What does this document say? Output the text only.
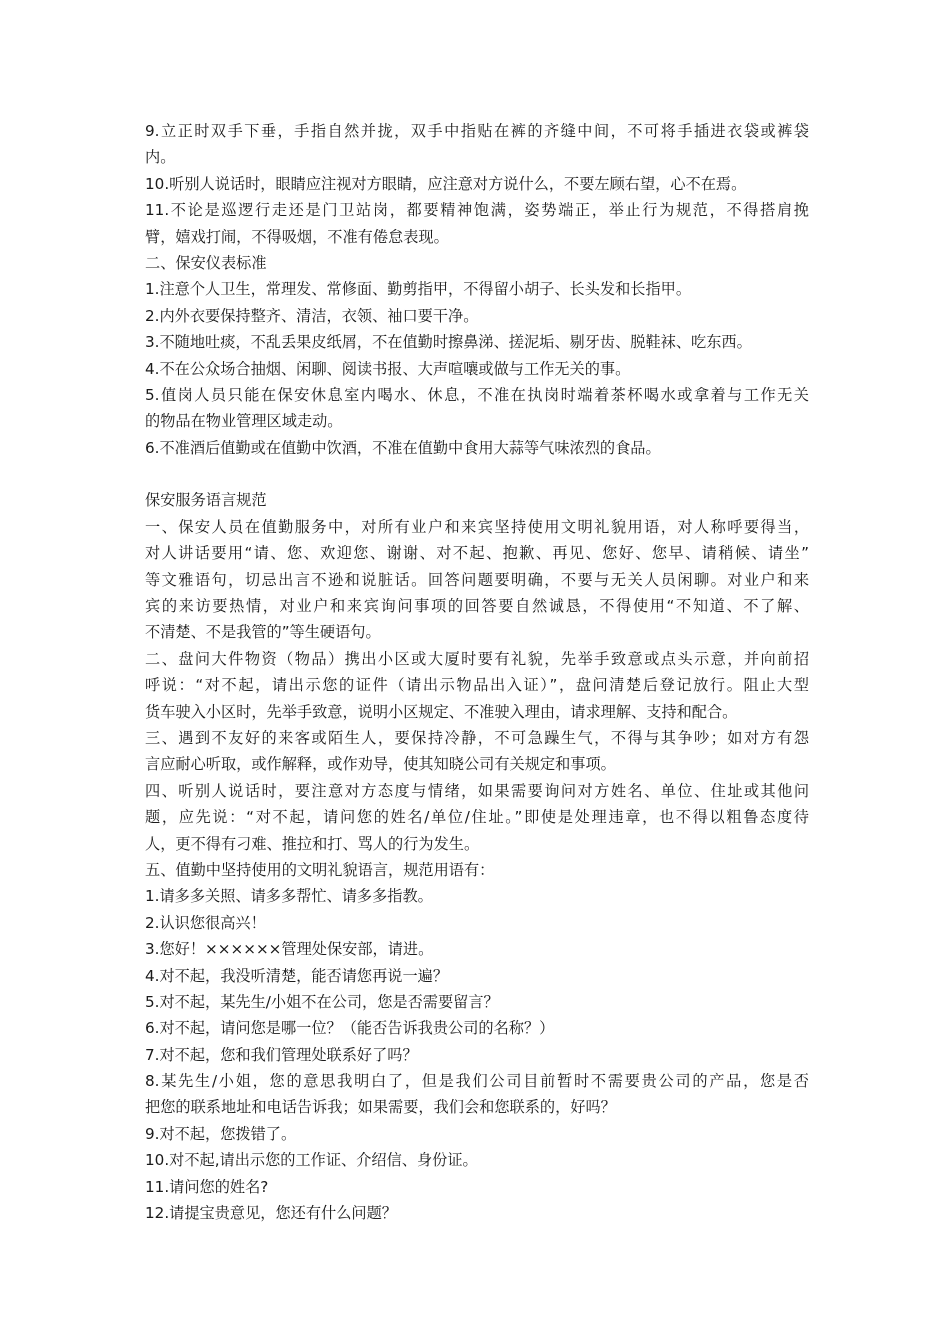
9.立正时双手下垂，手指自然并拢，双手中指贴在裤的齐缝中间，不可将手插进衣袋或裤袋
内。
10.听别人说话时，眼睛应注视对方眼睛，应注意对方说什么，不要左顾右望，心不在焉。
11.不论是巡逻行走还是门卫站岗，都要精神饱满，姿势端正，举止行为规范，不得搭肩挽
臂，嬉戏打闹，不得吸烟，不准有倦怠表现。
二、保安仪表标准
1.注意个人卫生，常理发、常修面、勤剪指甲，不得留小胡子、长头发和长指甲。
2.内外衣要保持整齐、清洁，衣领、袖口要干净。
3.不随地吐痰，不乱丢果皮纸屑，不在值勤时擦鼻涕、搓泥垢、剔牙齿、脱鞋袜、吃东西。
4.不在公众场合抽烟、闲聊、阅读书报、大声喧嚷或做与工作无关的事。
5.值岗人员只能在保安休息室内喝水、休息，不准在执岗时端着茶杯喝水或拿着与工作无关
的物品在物业管理区域走动。
6.不准酒后值勤或在值勤中饮酒，不准在值勤中食用大蒜等气味浓烈的食品。
保安服务语言规范
一、保安人员在值勤服务中，对所有业户和来宾坚持使用文明礼貌用语，对人称呼要得当，
对人讲话要用“请、您、欢迎您、谢谢、对不起、抱歉、再见、您好、您早、请稍候、请坐”
等文雅语句，切忌出言不逊和说脏话。回答问题要明确，不要与无关人员闲聊。对业户和来
宾的来访要热情，对业户和来宾询问事项的回答要自然诚恳，不得使用“不知道、不了解、
不清楚、不是我管的”等生硬语句。
二、盘问大件物资（物品）携出小区或大厦时要有礼貌，先举手致意或点头示意，并向前招
呼说：“对不起，请出示您的证件（请出示物品出入证）”，盘问清楚后登记放行。阻止大型
货车驶入小区时，先举手致意，说明小区规定、不准驶入理由，请求理解、支持和配合。
三、遇到不友好的来客或陌生人，要保持冷静，不可急躁生气，不得与其争吵；如对方有怨
言应耐心听取，或作解释，或作劝导，使其知晓公司有关规定和事项。
四、听别人说话时，要注意对方态度与情绪，如果需要询问对方姓名、单位、住址或其他问
题，应先说：“对不起，请问您的姓名/单位/住址。”即使是处理违章，也不得以粗鲁态度待
人，更不得有刁难、推拉和打、骂人的行为发生。
五、值勤中坚持使用的文明礼貌语言，规范用语有：
1.请多多关照、请多多帮忙、请多多指教。
2.认识您很高兴！
3.您好！××××××管理处保安部，请进。
4.对不起，我没听清楚，能否请您再说一遍？
5.对不起，某先生/小姐不在公司，您是否需要留言？
6.对不起，请问您是哪一位？（能否告诉我贵公司的名称？）
7.对不起，您和我们管理处联系好了吗？
8.某先生/小姐，您的意思我明白了，但是我们公司目前暂时不需要贵公司的产品，您是否
把您的联系地址和电话告诉我；如果需要，我们会和您联系的，好吗？
9.对不起，您拨错了。
10.对不起,请出示您的工作证、介绍信、身份证。
11.请问您的姓名?
12.请提宝贵意见，您还有什么问题？
